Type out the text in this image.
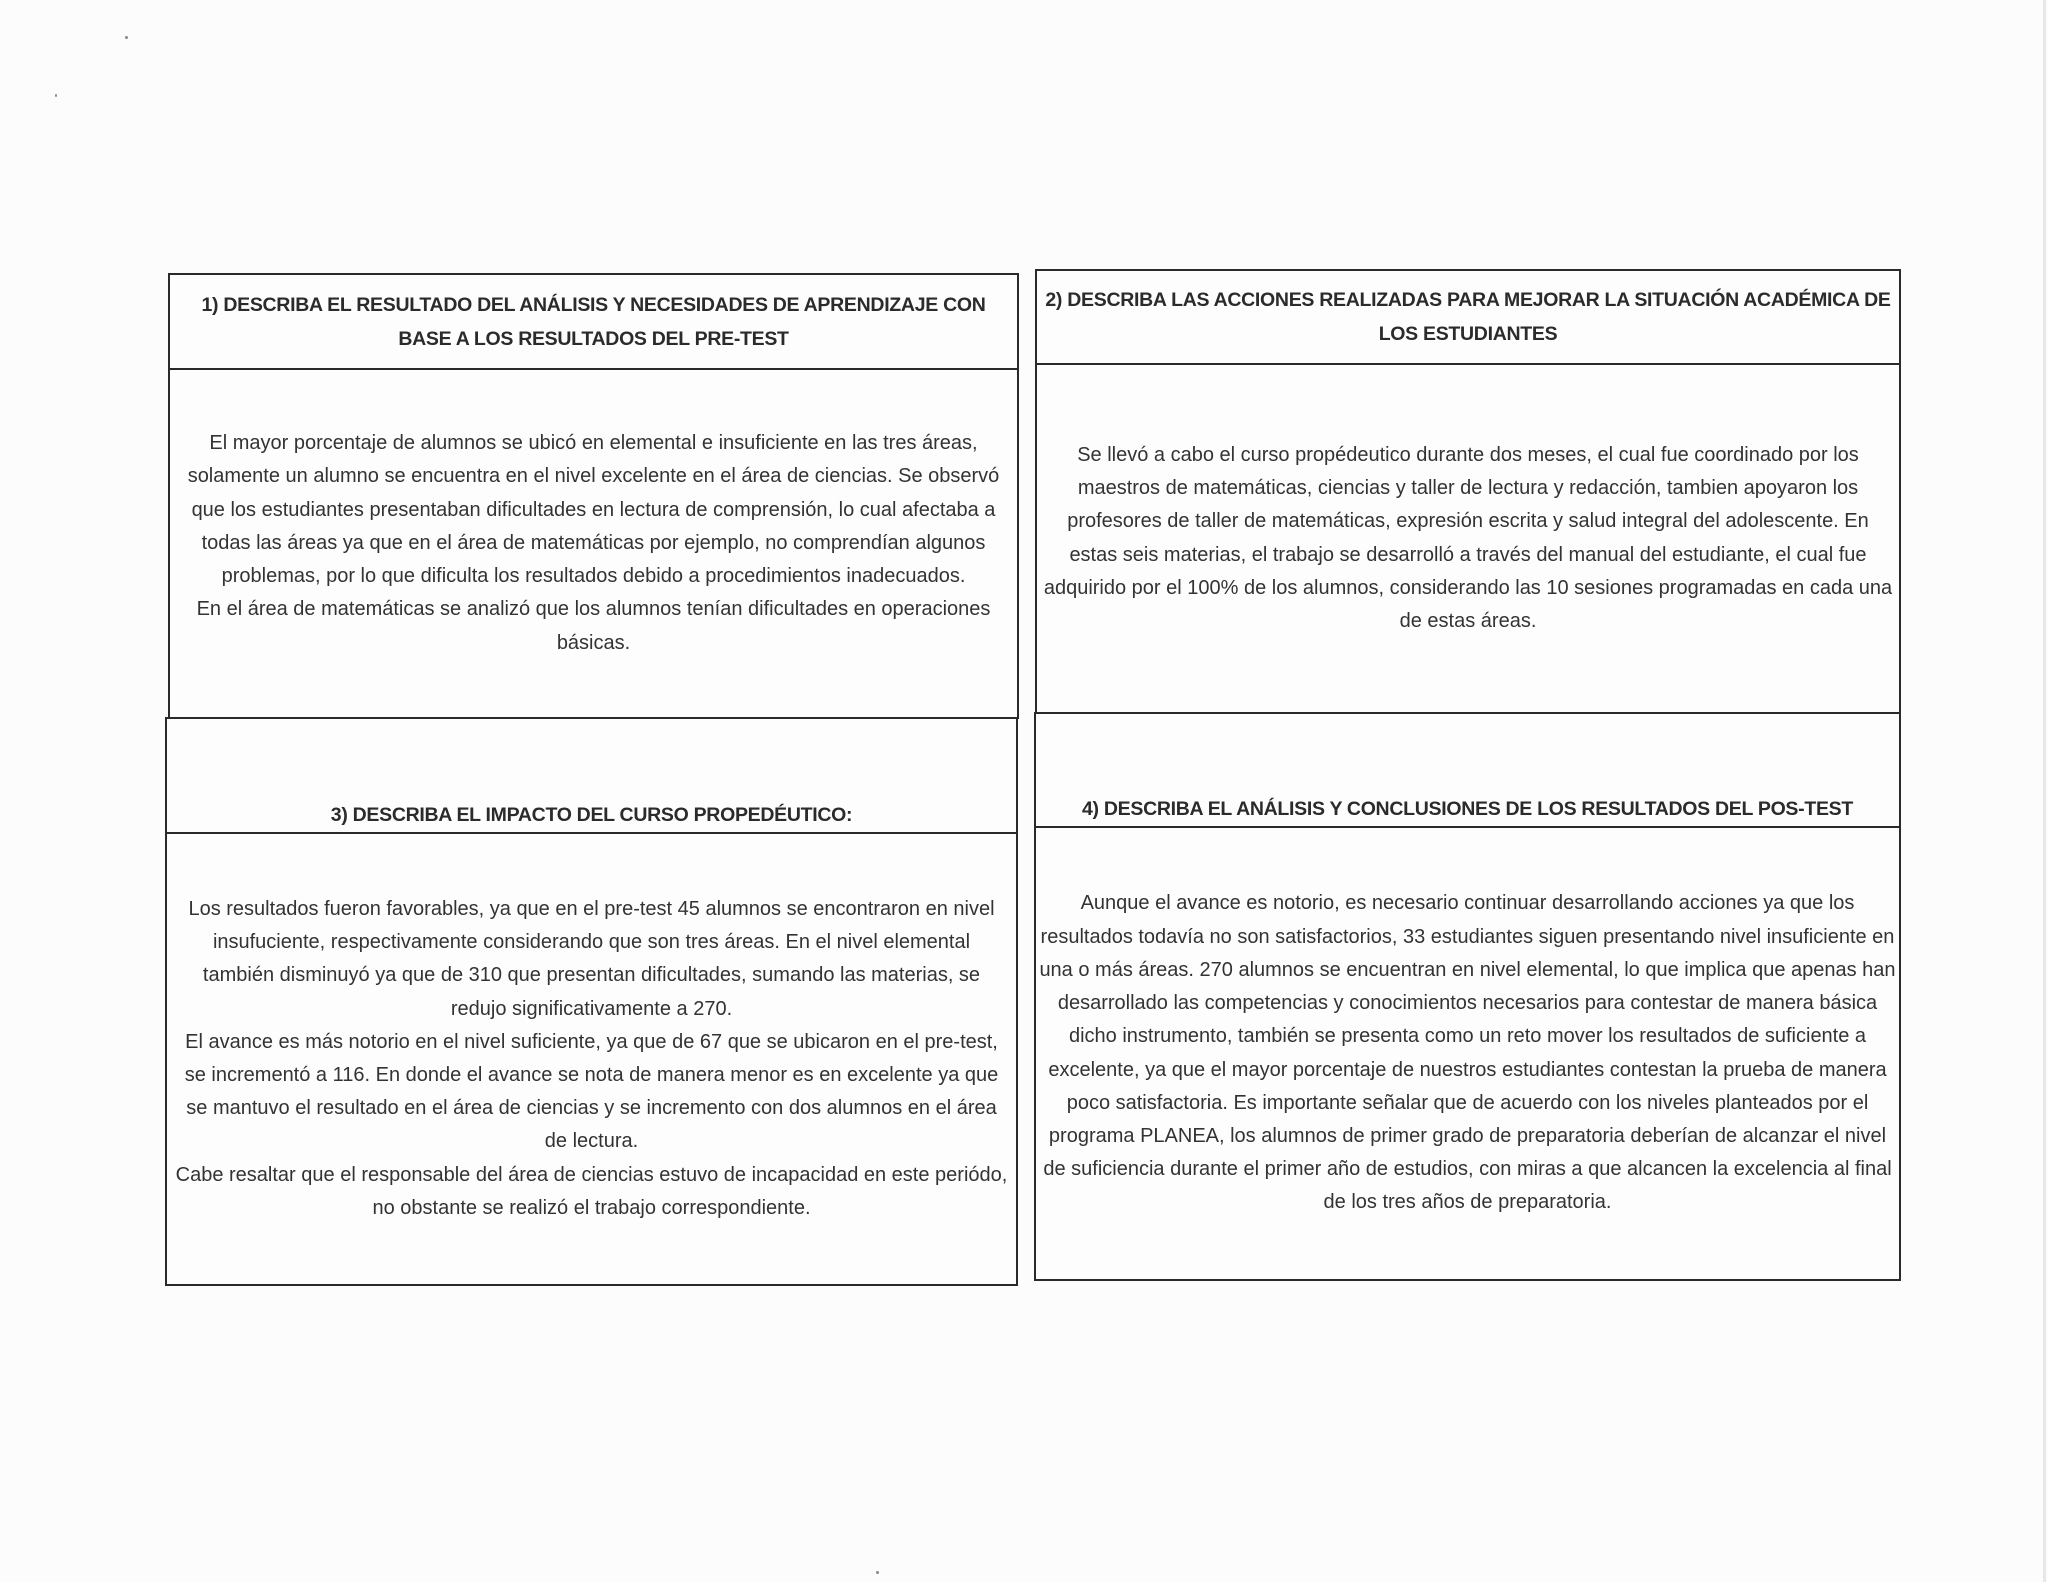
1) DESCRIBA EL RESULTADO DEL ANÁLISIS Y NECESIDADES DE APRENDIZAJE CON BASE A LOS RESULTADOS DEL PRE-TEST

El mayor porcentaje de alumnos se ubicó en elemental e insuficiente en las tres áreas, solamente un alumno se encuentra en el nivel excelente en el área de ciencias. Se observó que los estudiantes presentaban dificultades en lectura de comprensión, lo cual afectaba a todas las áreas ya que en el área de matemáticas por ejemplo, no comprendían algunos problemas, por lo que dificulta los resultados debido a procedimientos inadecuados.

En el área de matemáticas se analizó que los alumnos tenían dificultades en operaciones básicas.

2) DESCRIBA LAS ACCIONES REALIZADAS PARA MEJORAR LA SITUACIÓN ACADÉMICA DE LOS ESTUDIANTES

Se llevó a cabo el curso propédeutico durante dos meses, el cual fue coordinado por los maestros de matemáticas, ciencias y taller de lectura y redacción, tambien apoyaron los profesores de taller de matemáticas, expresión escrita y salud integral del adolescente. En estas seis materias, el trabajo se desarrolló a través del manual del estudiante, el cual fue adquirido por el 100% de los alumnos, considerando las 10 sesiones programadas en cada una de estas áreas.

3) DESCRIBA EL IMPACTO DEL CURSO PROPEDÉUTICO:

Los resultados fueron favorables, ya que en el pre-test 45 alumnos se encontraron en nivel insufuciente, respectivamente considerando que son tres áreas. En el nivel elemental también disminuyó ya que de 310 que presentan dificultades, sumando las materias, se redujo significativamente a 270.

El avance es más notorio en el nivel suficiente, ya que de 67 que se ubicaron en el pre-test, se incrementó a 116. En donde el avance se nota de manera menor es en excelente ya que se mantuvo el resultado en el área de ciencias y se incremento con dos alumnos en el área de lectura.

Cabe resaltar que el responsable del área de ciencias estuvo de incapacidad en este periódo, no obstante se realizó el trabajo correspondiente.

4) DESCRIBA EL ANÁLISIS Y CONCLUSIONES DE LOS RESULTADOS DEL POS-TEST

Aunque el avance es notorio, es necesario continuar desarrollando acciones ya que los resultados todavía no son satisfactorios, 33 estudiantes siguen presentando nivel insuficiente en una o más áreas. 270 alumnos se encuentran en nivel elemental, lo que implica que apenas han desarrollado las competencias y conocimientos necesarios para contestar de manera básica dicho instrumento, también se presenta como un reto mover los resultados de suficiente a excelente, ya que el mayor porcentaje de nuestros estudiantes contestan la prueba de manera poco satisfactoria. Es importante señalar que de acuerdo con los niveles planteados por el programa PLANEA, los alumnos de primer grado de preparatoria deberían de alcanzar el nivel de suficiencia durante el primer año de estudios, con miras a que alcancen la excelencia al final de los tres años de preparatoria.
